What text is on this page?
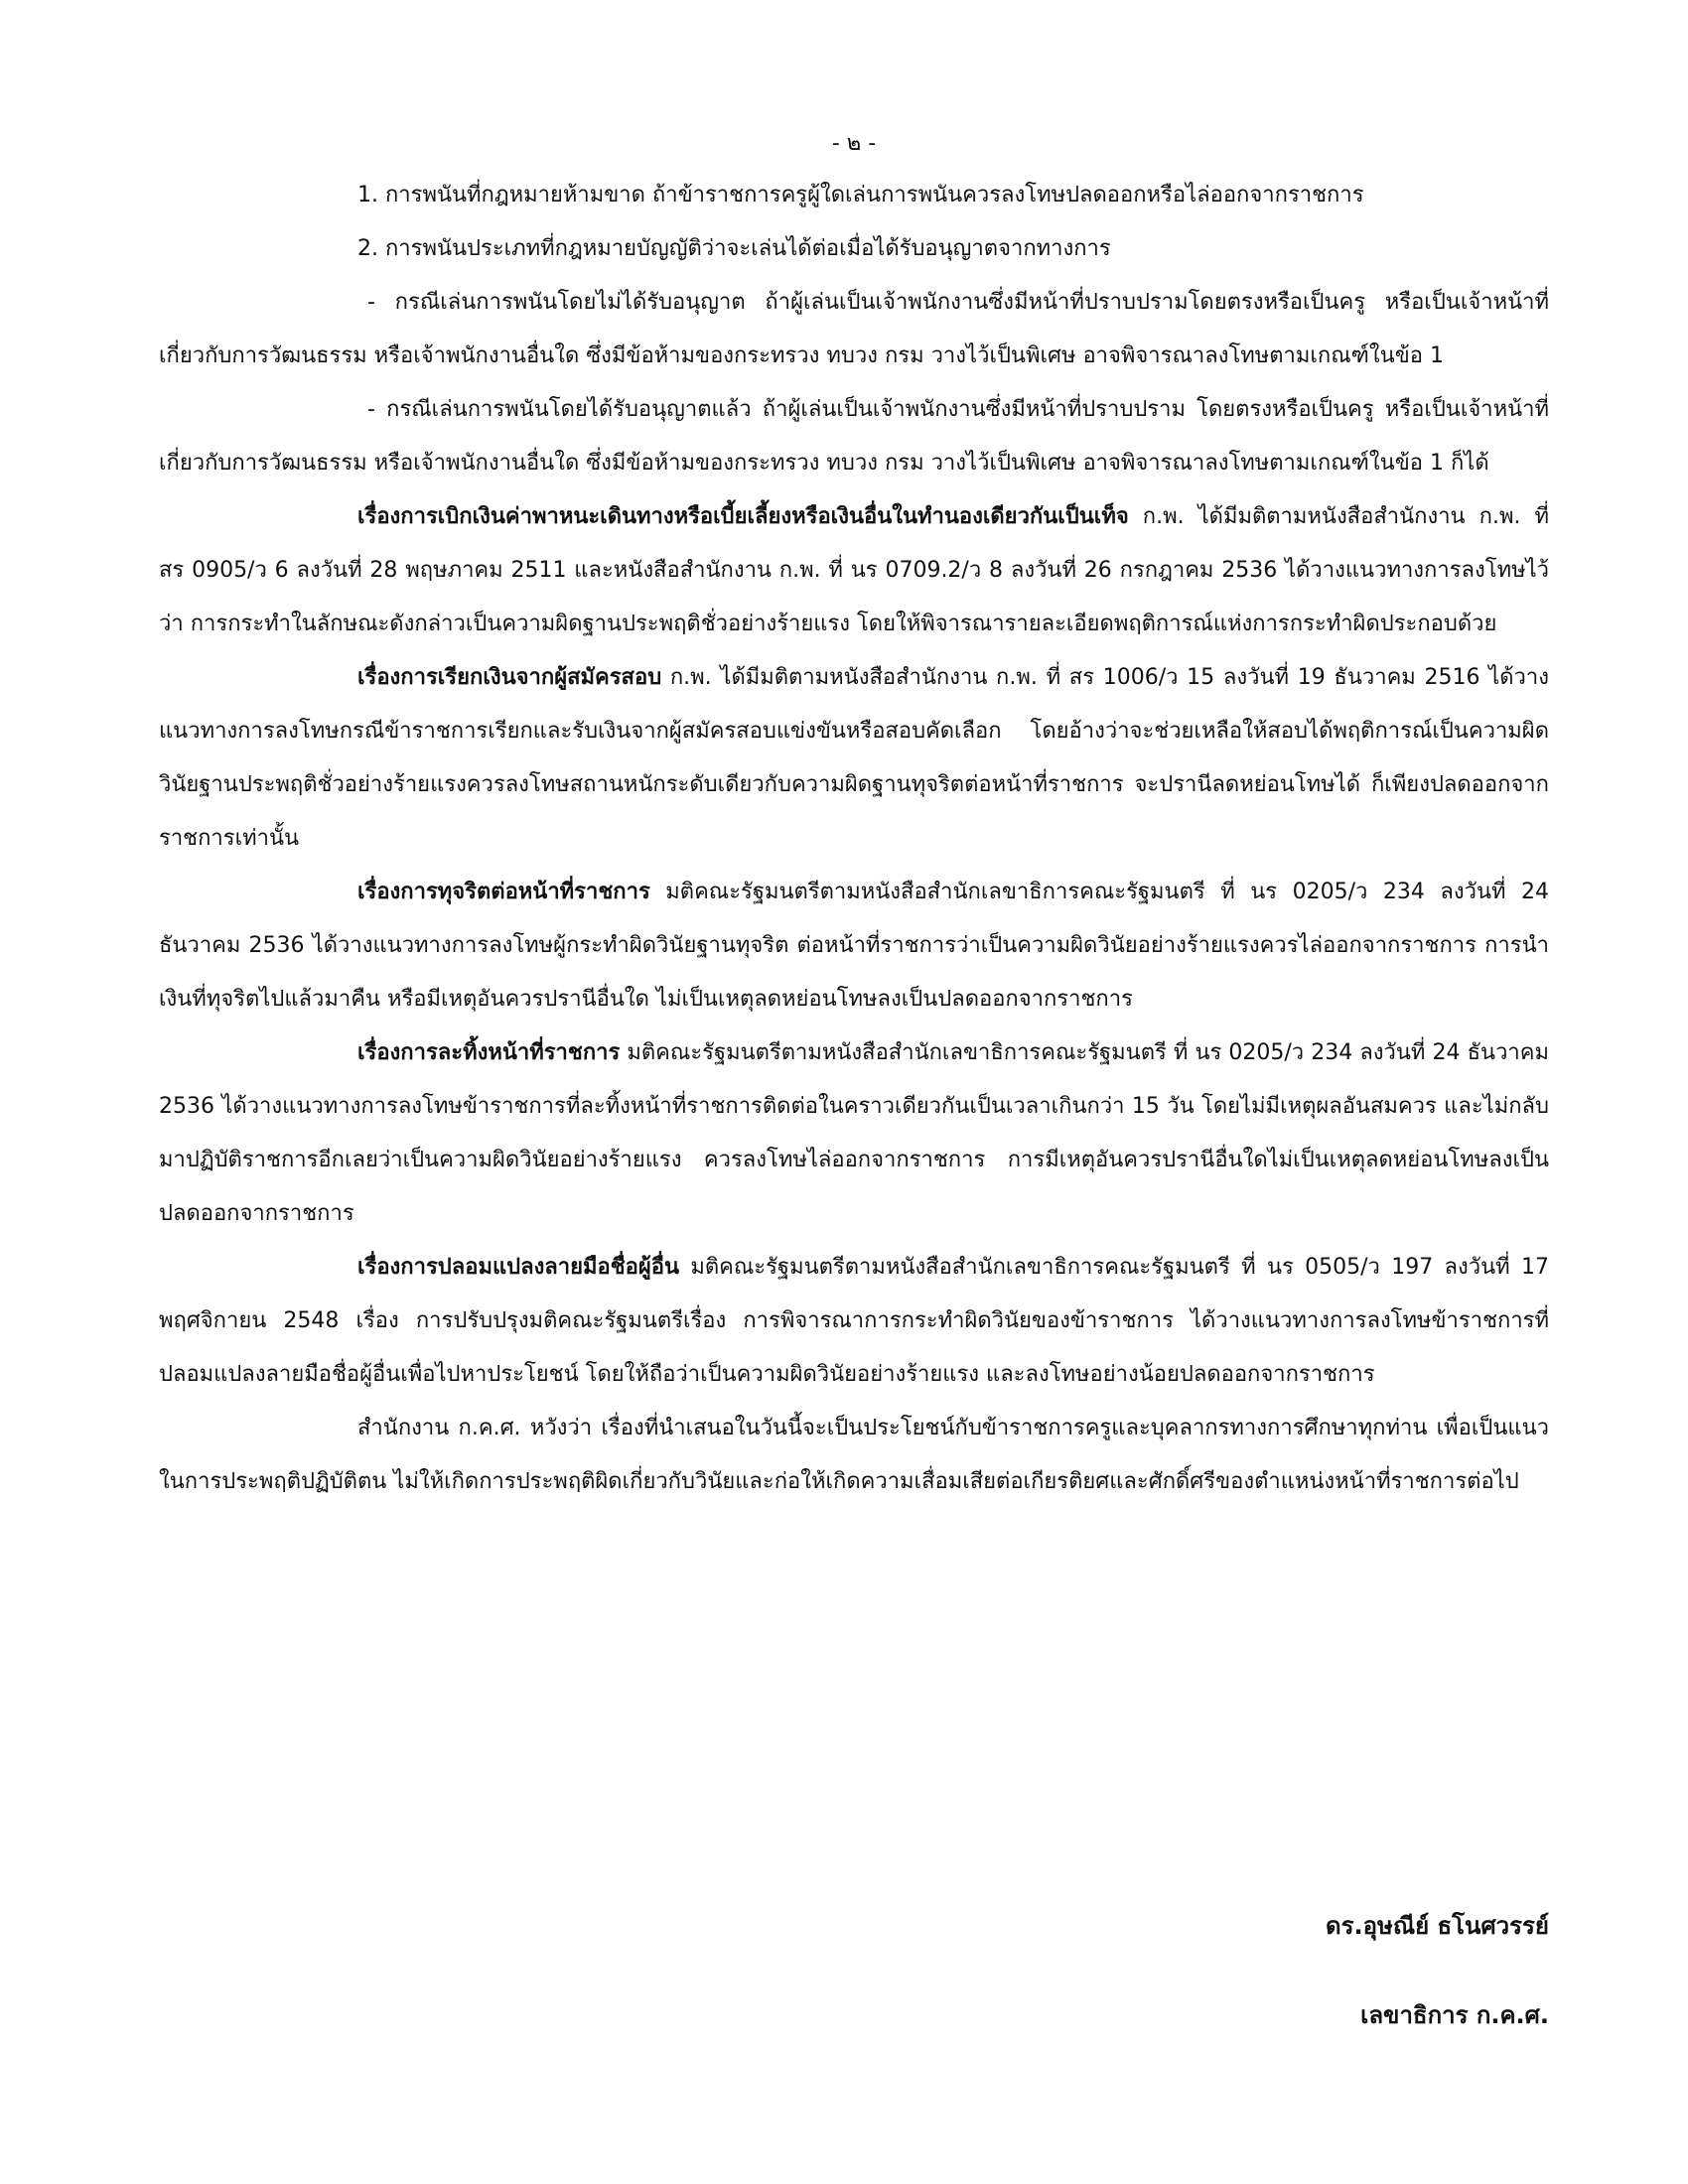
- ๒ -

1. การพนันที่กฎหมายห้ามขาด ถ้าข้าราชการครูผู้ใดเล่นการพนันควรลงโทษปลดออกหรือไล่ออกจากราชการ

2. การพนันประเภทที่กฎหมายบัญญัติว่าจะเล่นได้ต่อเมื่อได้รับอนุญาตจากทางการ

- กรณีเล่นการพนันโดยไม่ได้รับอนุญาต ถ้าผู้เล่นเป็นเจ้าพนักงานซึ่งมีหน้าที่ปราบปรามโดยตรงหรือเป็นครู หรือเป็นเจ้าหน้าที่เกี่ยวกับการวัฒนธรรม หรือเจ้าพนักงานอื่นใด ซึ่งมีข้อห้ามของกระทรวง ทบวง กรม วางไว้เป็นพิเศษ อาจพิจารณาลงโทษตามเกณฑ์ในข้อ 1

- กรณีเล่นการพนันโดยได้รับอนุญาตแล้ว ถ้าผู้เล่นเป็นเจ้าพนักงานซึ่งมีหน้าที่ปราบปราม โดยตรงหรือเป็นครู หรือเป็นเจ้าหน้าที่เกี่ยวกับการวัฒนธรรม หรือเจ้าพนักงานอื่นใด ซึ่งมีข้อห้ามของกระทรวง ทบวง กรม วางไว้เป็นพิเศษ อาจพิจารณาลงโทษตามเกณฑ์ในข้อ 1 ก็ได้

เรื่องการเบิกเงินค่าพาหนะเดินทางหรือเบี้ยเลี้ยงหรือเงินอื่นในทำนองเดียวกันเป็นเท็จ ก.พ. ได้มีมติตามหนังสือสำนักงาน ก.พ. ที่ สร 0905/ว 6 ลงวันที่ 28 พฤษภาคม 2511 และหนังสือสำนักงาน ก.พ. ที่ นร 0709.2/ว 8 ลงวันที่ 26 กรกฎาคม 2536 ได้วางแนวทางการลงโทษไว้ว่า การกระทำในลักษณะดังกล่าวเป็นความผิดฐานประพฤติชั่วอย่างร้ายแรง โดยให้พิจารณารายละเอียดพฤติการณ์แห่งการกระทำผิดประกอบด้วย

เรื่องการเรียกเงินจากผู้สมัครสอบ ก.พ. ได้มีมติตามหนังสือสำนักงาน ก.พ. ที่ สร 1006/ว 15 ลงวันที่ 19 ธันวาคม 2516 ได้วางแนวทางการลงโทษกรณีข้าราชการเรียกและรับเงินจากผู้สมัครสอบแข่งขันหรือสอบคัดเลือก โดยอ้างว่าจะช่วยเหลือให้สอบได้พฤติการณ์เป็นความผิดวินัยฐานประพฤติชั่วอย่างร้ายแรงควรลงโทษสถานหนักระดับเดียวกับความผิดฐานทุจริตต่อหน้าที่ราชการ จะปรานีลดหย่อนโทษได้ ก็เพียงปลดออกจากราชการเท่านั้น

เรื่องการทุจริตต่อหน้าที่ราชการ มติคณะรัฐมนตรีตามหนังสือสำนักเลขาธิการคณะรัฐมนตรี ที่ นร 0205/ว 234 ลงวันที่ 24 ธันวาคม 2536 ได้วางแนวทางการลงโทษผู้กระทำผิดวินัยฐานทุจริต ต่อหน้าที่ราชการว่าเป็นความผิดวินัยอย่างร้ายแรงควรไล่ออกจากราชการ การนำเงินที่ทุจริตไปแล้วมาคืน หรือมีเหตุอันควรปรานีอื่นใด ไม่เป็นเหตุลดหย่อนโทษลงเป็นปลดออกจากราชการ

เรื่องการละทิ้งหน้าที่ราชการ มติคณะรัฐมนตรีตามหนังสือสำนักเลขาธิการคณะรัฐมนตรี ที่ นร 0205/ว 234 ลงวันที่ 24 ธันวาคม 2536 ได้วางแนวทางการลงโทษข้าราชการที่ละทิ้งหน้าที่ราชการติดต่อในคราวเดียวกันเป็นเวลาเกินกว่า 15 วัน โดยไม่มีเหตุผลอันสมควร และไม่กลับมาปฏิบัติราชการอีกเลยว่าเป็นความผิดวินัยอย่างร้ายแรง ควรลงโทษไล่ออกจากราชการ การมีเหตุอันควรปรานีอื่นใดไม่เป็นเหตุลดหย่อนโทษลงเป็นปลดออกจากราชการ

เรื่องการปลอมแปลงลายมือชื่อผู้อื่น มติคณะรัฐมนตรีตามหนังสือสำนักเลขาธิการคณะรัฐมนตรี ที่ นร 0505/ว 197 ลงวันที่ 17 พฤศจิกายน 2548 เรื่อง การปรับปรุงมติคณะรัฐมนตรีเรื่อง การพิจารณาการกระทำผิดวินัยของข้าราชการ ได้วางแนวทางการลงโทษข้าราชการที่ปลอมแปลงลายมือชื่อผู้อื่นเพื่อไปหาประโยชน์ โดยให้ถือว่าเป็นความผิดวินัยอย่างร้ายแรง และลงโทษอย่างน้อยปลดออกจากราชการ

สำนักงาน ก.ค.ศ. หวังว่า เรื่องที่นำเสนอในวันนี้จะเป็นประโยชน์กับข้าราชการครูและบุคลากรทางการศึกษาทุกท่าน เพื่อเป็นแนวในการประพฤติปฏิบัติตน ไม่ให้เกิดการประพฤติผิดเกี่ยวกับวินัยและก่อให้เกิดความเสื่อมเสียต่อเกียรติยศและศักดิ์ศรีของตำแหน่งหน้าที่ราชการต่อไป

ดร.อุษณีย์ ธโนศวรรย์
เลขาธิการ ก.ค.ศ.
